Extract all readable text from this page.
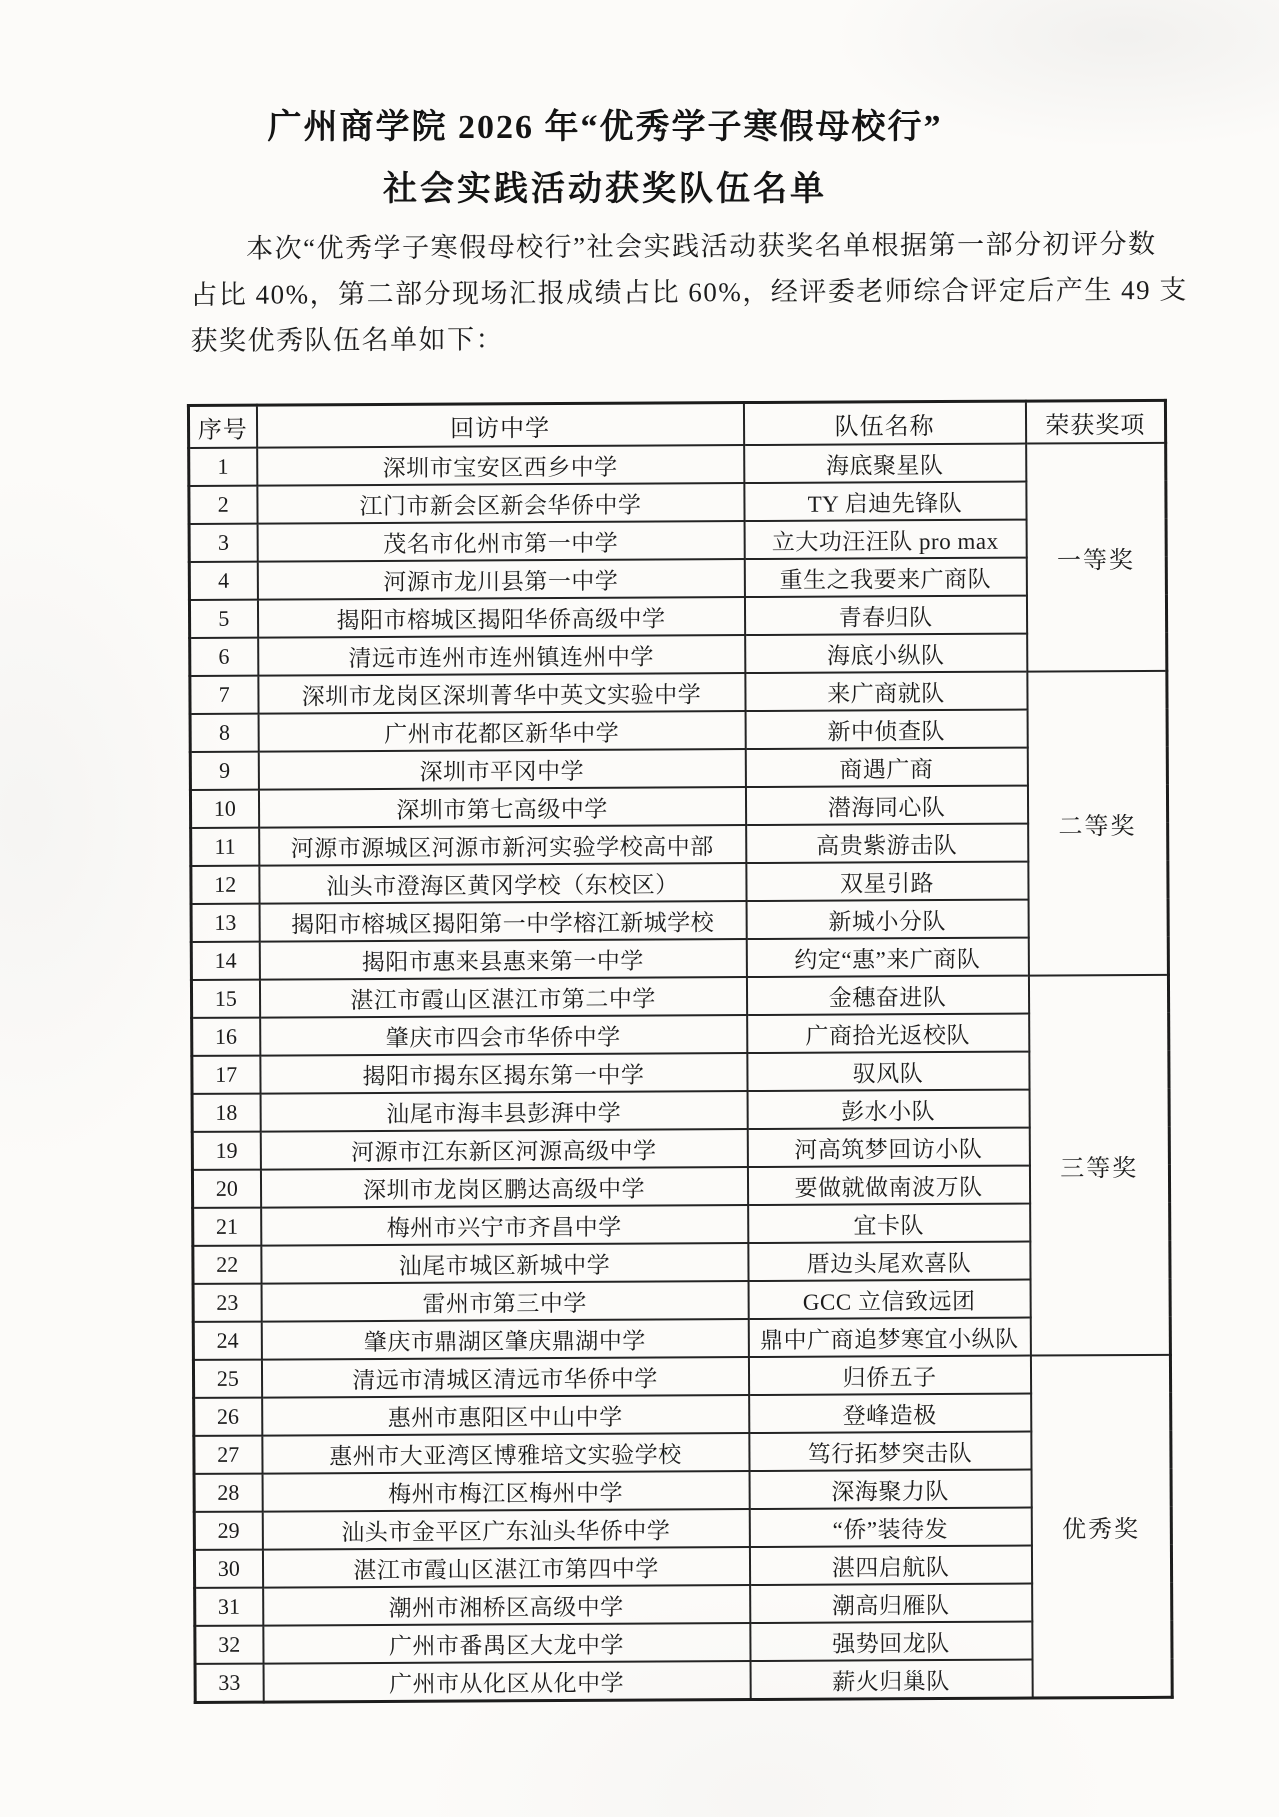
广州商学院 2026 年“优秀学子寒假母校行”
社会实践活动获奖队伍名单
本次“优秀学子寒假母校行”社会实践活动获奖名单根据第一部分初评分数
占比 40%，第二部分现场汇报成绩占比 60%，经评委老师综合评定后产生 49 支
获奖优秀队伍名单如下：
序号	回访中学	队伍名称	荣获奖项
1	深圳市宝安区西乡中学	海底聚星队	一等奖
2	江门市新会区新会华侨中学	TY 启迪先锋队	
3	茂名市化州市第一中学	立大功汪汪队 pro max	
4	河源市龙川县第一中学	重生之我要来广商队	
5	揭阳市榕城区揭阳华侨高级中学	青春归队	
6	清远市连州市连州镇连州中学	海底小纵队	
7	深圳市龙岗区深圳菁华中英文实验中学	来广商就队	二等奖
8	广州市花都区新华中学	新中侦查队	
9	深圳市平冈中学	商遇广商	
10	深圳市第七高级中学	潜海同心队	
11	河源市源城区河源市新河实验学校高中部	高贵紫游击队	
12	汕头市澄海区黄冈学校（东校区）	双星引路	
13	揭阳市榕城区揭阳第一中学榕江新城学校	新城小分队	
14	揭阳市惠来县惠来第一中学	约定“惠”来广商队	
15	湛江市霞山区湛江市第二中学	金穗奋进队	三等奖
16	肇庆市四会市华侨中学	广商拾光返校队	
17	揭阳市揭东区揭东第一中学	驭风队	
18	汕尾市海丰县彭湃中学	彭水小队	
19	河源市江东新区河源高级中学	河高筑梦回访小队	
20	深圳市龙岗区鹏达高级中学	要做就做南波万队	
21	梅州市兴宁市齐昌中学	宜卡队	
22	汕尾市城区新城中学	厝边头尾欢喜队	
23	雷州市第三中学	GCC 立信致远团	
24	肇庆市鼎湖区肇庆鼎湖中学	鼎中广商追梦寒宜小纵队	
25	清远市清城区清远市华侨中学	归侨五子	优秀奖
26	惠州市惠阳区中山中学	登峰造极	
27	惠州市大亚湾区博雅培文实验学校	笃行拓梦突击队	
28	梅州市梅江区梅州中学	深海聚力队	
29	汕头市金平区广东汕头华侨中学	“侨”装待发	
30	湛江市霞山区湛江市第四中学	湛四启航队	
31	潮州市湘桥区高级中学	潮高归雁队	
32	广州市番禺区大龙中学	强势回龙队	
33	广州市从化区从化中学	薪火归巢队	
